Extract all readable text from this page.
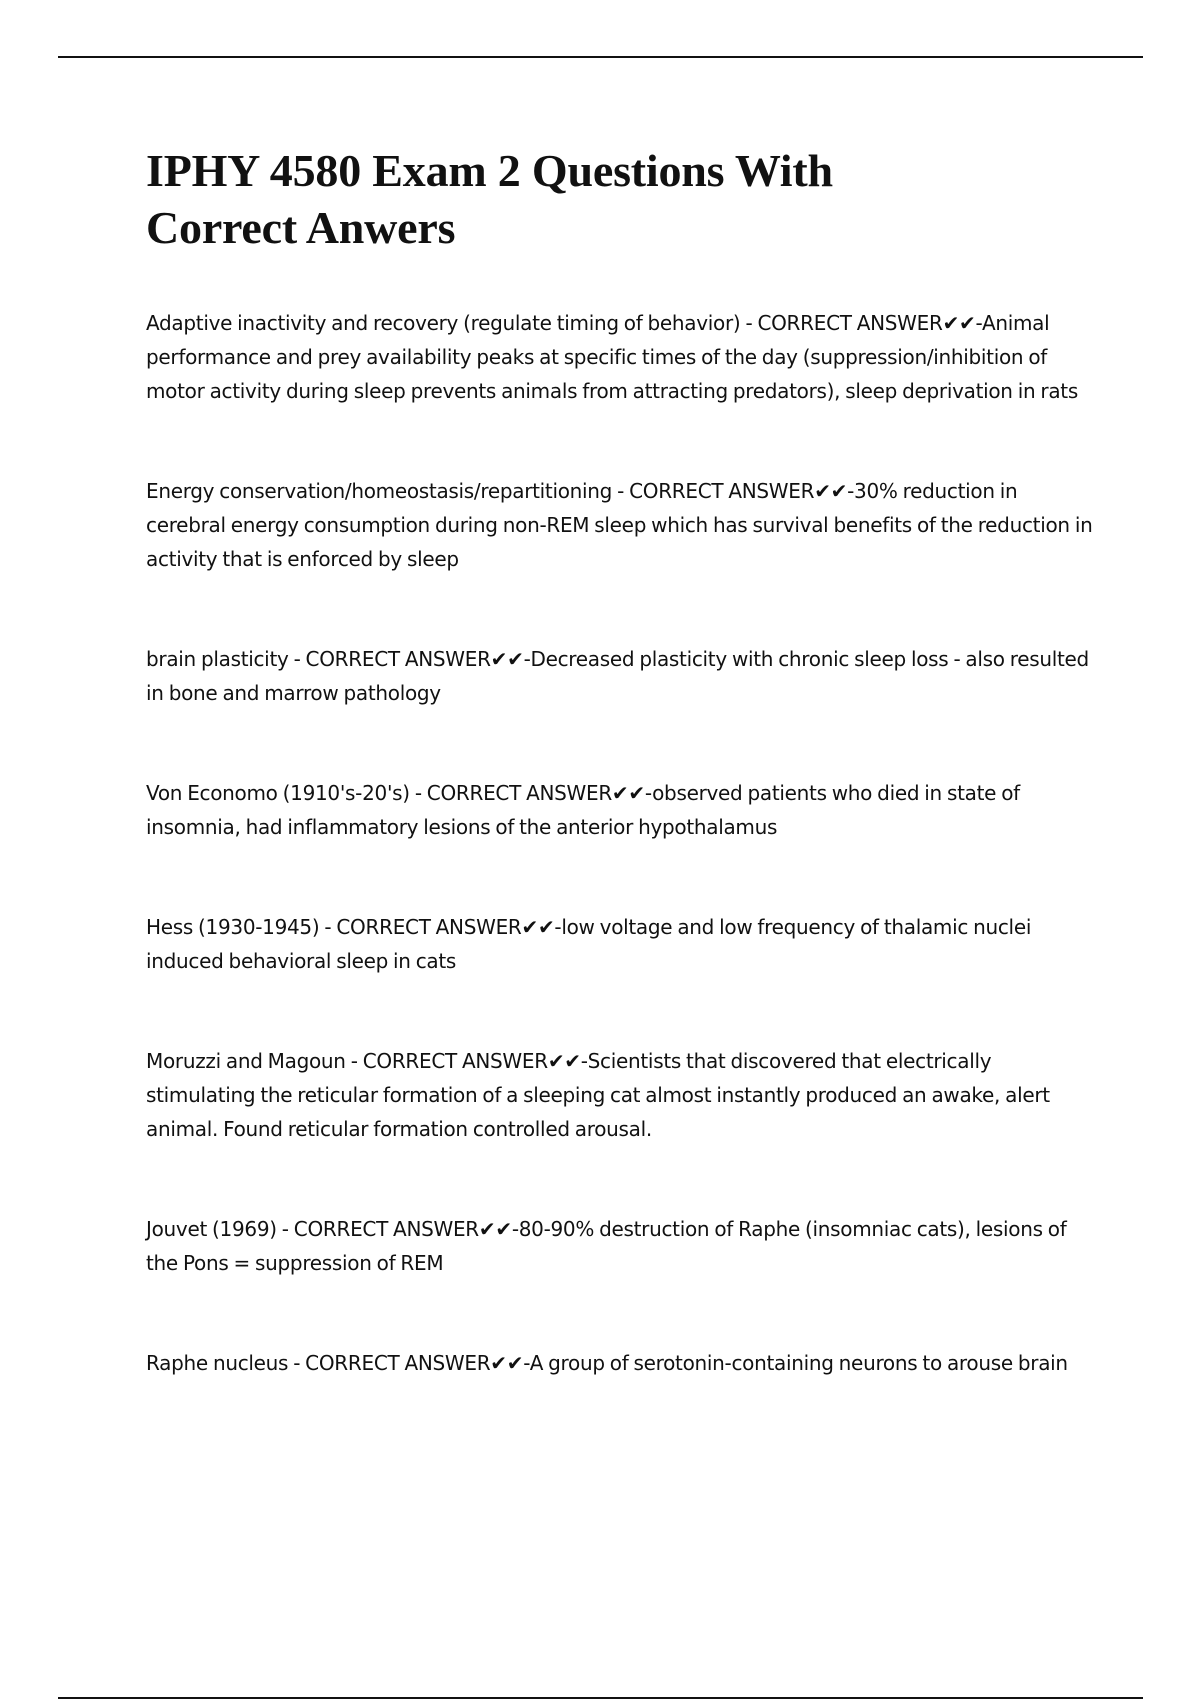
IPHY 4580 Exam 2 Questions With Correct Anwers

Adaptive inactivity and recovery (regulate timing of behavior) - CORRECT ANSWER✔✔-Animal performance and prey availability peaks at specific times of the day (suppression/inhibition of motor activity during sleep prevents animals from attracting predators), sleep deprivation in rats

Energy conservation/homeostasis/repartitioning - CORRECT ANSWER✔✔-30% reduction in cerebral energy consumption during non-REM sleep which has survival benefits of the reduction in activity that is enforced by sleep

brain plasticity - CORRECT ANSWER✔✔-Decreased plasticity with chronic sleep loss - also resulted in bone and marrow pathology

Von Economo (1910's-20's) - CORRECT ANSWER✔✔-observed patients who died in state of insomnia, had inflammatory lesions of the anterior hypothalamus

Hess (1930-1945) - CORRECT ANSWER✔✔-low voltage and low frequency of thalamic nuclei induced behavioral sleep in cats

Moruzzi and Magoun - CORRECT ANSWER✔✔-Scientists that discovered that electrically stimulating the reticular formation of a sleeping cat almost instantly produced an awake, alert animal. Found reticular formation controlled arousal.

Jouvet (1969) - CORRECT ANSWER✔✔-80-90% destruction of Raphe (insomniac cats), lesions of the Pons = suppression of REM

Raphe nucleus - CORRECT ANSWER✔✔-A group of serotonin-containing neurons to arouse brain
